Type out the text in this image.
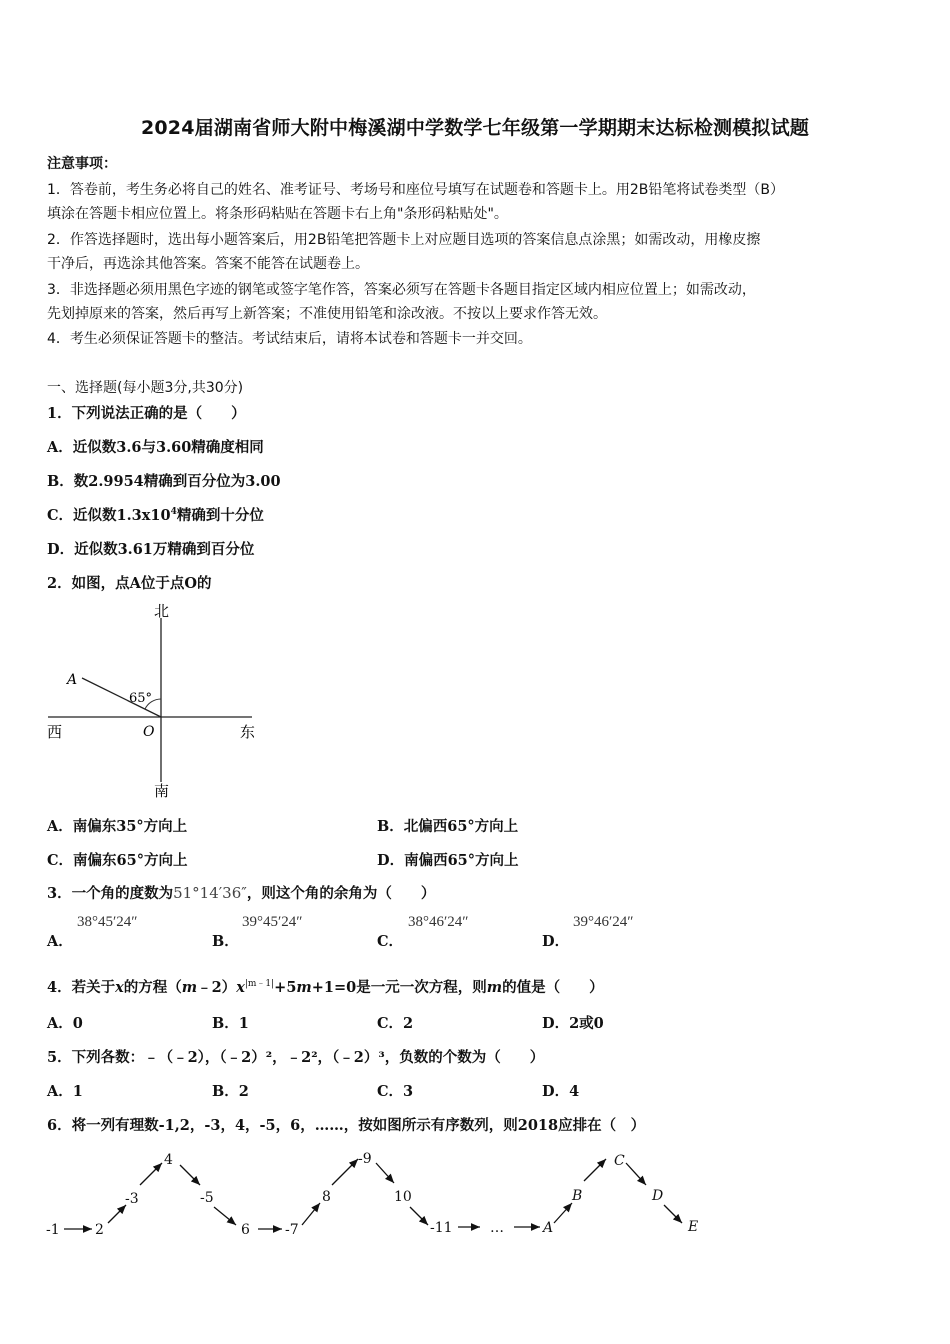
2024届湖南省师大附中梅溪湖中学数学七年级第一学期期末达标检测模拟试题
注意事项：
1．答卷前，考生务必将自己的姓名、准考证号、考场号和座位号填写在试题卷和答题卡上。用2B铅笔将试卷类型（B）
填涂在答题卡相应位置上。将条形码粘贴在答题卡右上角"条形码粘贴处"。
2．作答选择题时，选出每小题答案后，用2B铅笔把答题卡上对应题目选项的答案信息点涂黑；如需改动，用橡皮擦
干净后，再选涂其他答案。答案不能答在试题卷上。
3．非选择题必须用黑色字迹的钢笔或签字笔作答，答案必须写在答题卡各题目指定区域内相应位置上；如需改动，
先划掉原来的答案，然后再写上新答案；不准使用铅笔和涂改液。不按以上要求作答无效。
4．考生必须保证答题卡的整洁。考试结束后，请将本试卷和答题卡一并交回。
一、选择题(每小题3分,共30分)
1．下列说法正确的是（　　）
A．近似数3.6与3.60精确度相同
B．数2.9954精确到百分位为3.00
C．近似数$1.3x10^4$精确到十分位
D．近似数3.61万精确到百分位
2．如图，点A位于点O的
北
南
西	东
A
O
65°
A．南偏东35°方向上	B．北偏西65°方向上
C．南偏东65°方向上	D．南偏西65°方向上
3．一个角的度数为51°14′36″，则这个角的余角为（　　）
A．
38°45′24″
B．
39°45′24″
C．
38°46′24″
D．
39°46′24″
4．若关于x的方程$(m﹣2)x^{|m﹣1|}+5m+1=0$是一元一次方程，则m的值是（　　）
A．0	B．1	C．2	D．2或0
5．下列各数：﹣（﹣2），（﹣2）²，﹣2²，（﹣2）³，负数的个数为（　　）
A．1	B．2	C．3	D．4
6．将一列有理数-1,2，-3，4，-5，6，……，按如图所示有序数列，则2018应排在（　）
-1	2
-3
4
-5
6	-7
8
-9
10
-11	…	A
B
C
D
E
